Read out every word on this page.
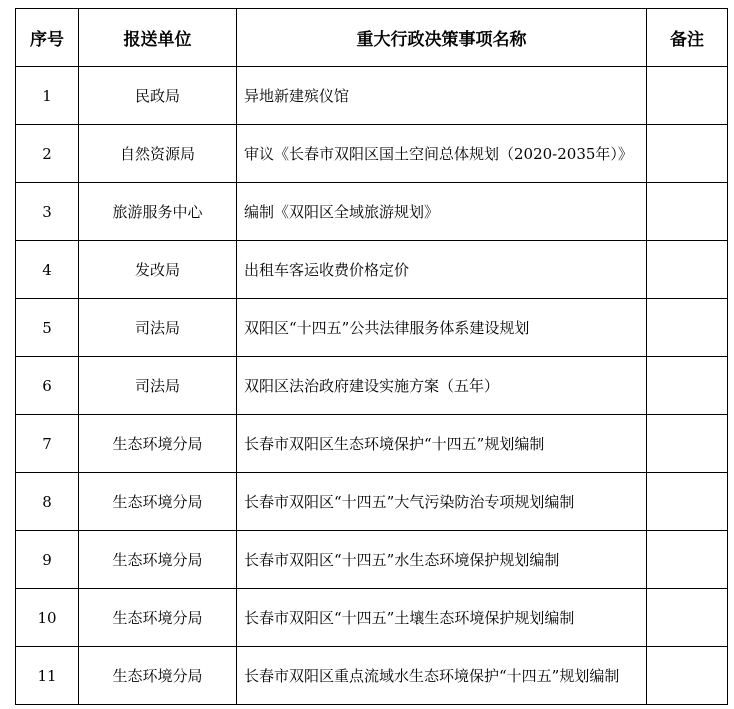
序号	报送单位	重大行政决策事项名称	备注
1	民政局	异地新建殡仪馆	
2	自然资源局	审议《长春市双阳区国土空间总体规划（2020-2035年）》	
3	旅游服务中心	编制《双阳区全域旅游规划》	
4	发改局	出租车客运收费价格定价	
5	司法局	双阳区“十四五”公共法律服务体系建设规划	
6	司法局	双阳区法治政府建设实施方案（五年）	
7	生态环境分局	长春市双阳区生态环境保护“十四五”规划编制	
8	生态环境分局	长春市双阳区“十四五”大气污染防治专项规划编制	
9	生态环境分局	长春市双阳区“十四五”水生态环境保护规划编制	
10	生态环境分局	长春市双阳区“十四五”土壤生态环境保护规划编制	
11	生态环境分局	长春市双阳区重点流域水生态环境保护“十四五”规划编制	
